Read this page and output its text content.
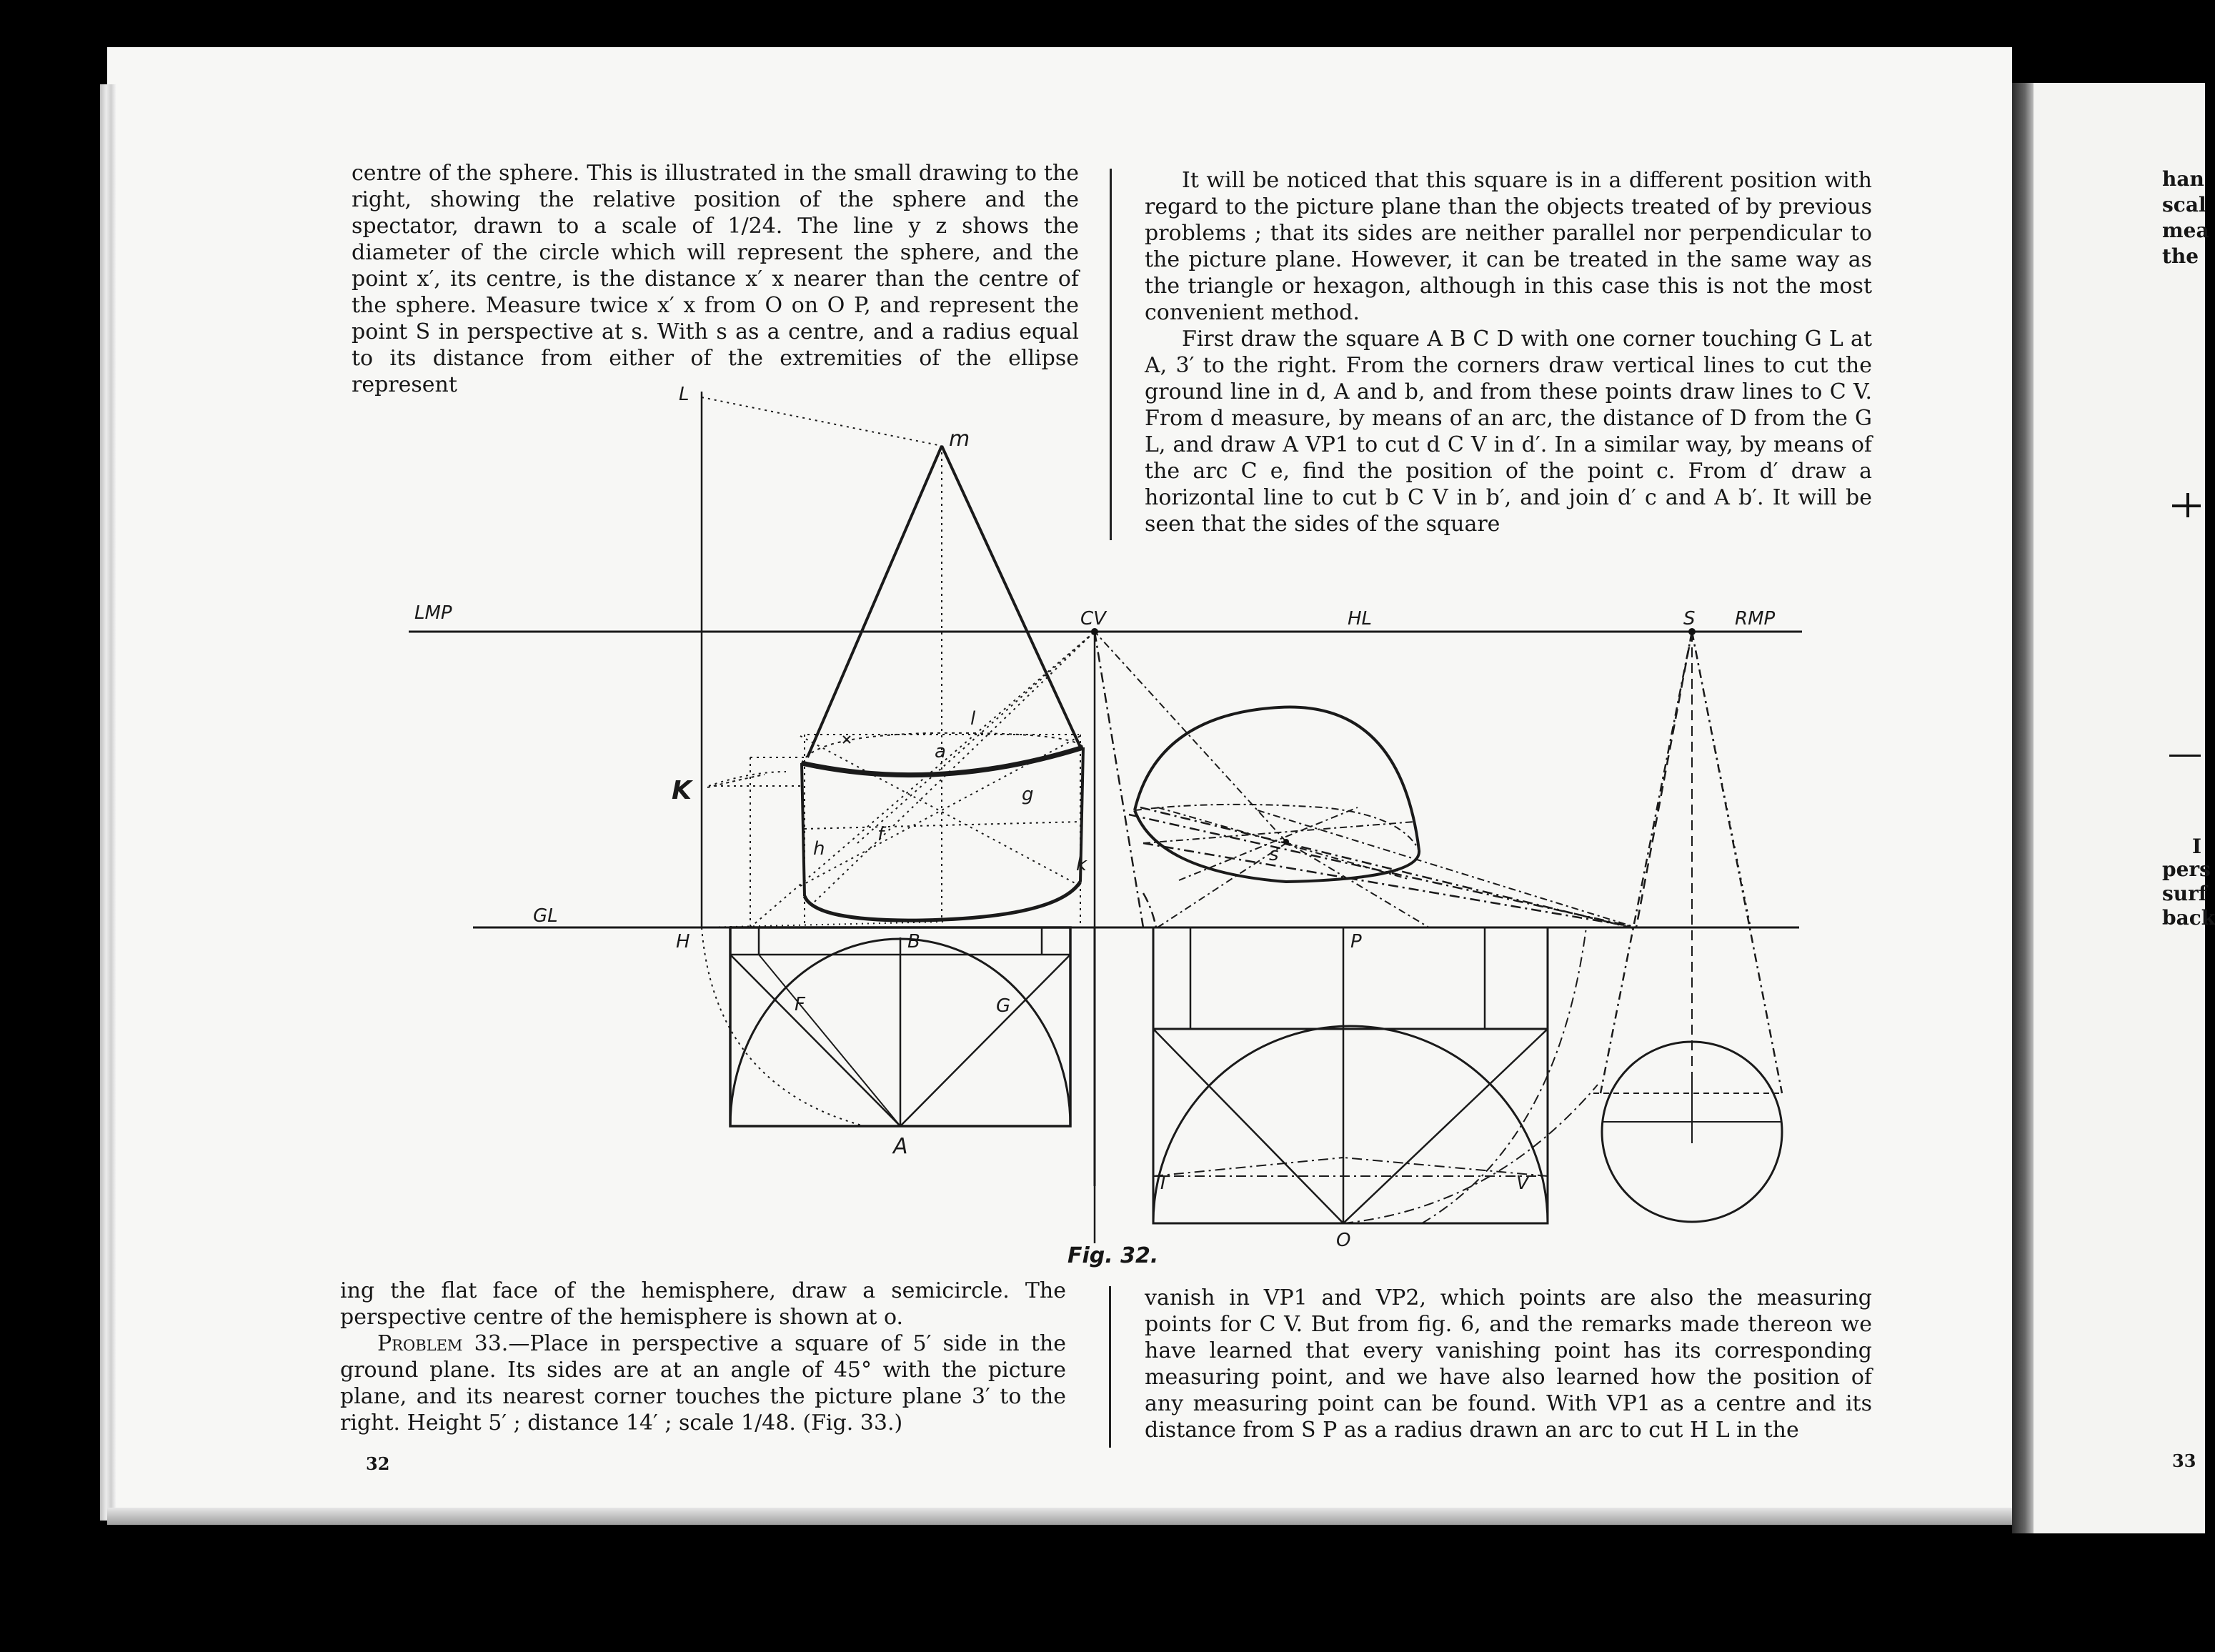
centre of the sphere. This is illustrated in the small drawing to the right, showing the relative position of the sphere and the spectator, drawn to a scale of 1/24. The line y z shows the diameter of the circle which will represent the sphere, and the point x′, its centre, is the distance x′ x nearer than the centre of the sphere. Measure twice x′ x from O on O P, and represent the point S in perspective at s. With s as a centre, and a radius equal to its distance from either of the extremities of the ellipse represent

It will be noticed that this square is in a different position with regard to the picture plane than the objects treated of by previous problems ; that its sides are neither parallel nor perpendicular to the picture plane. However, it can be treated in the same way as the triangle or hexagon, although in this case this is not the most convenient method.

First draw the square A B C D with one corner touching G L at A, 3′ to the right. From the corners draw vertical lines to cut the ground line in d, A and b, and from these points draw lines to C V. From d measure, by means of an arc, the distance of D from the G L, and draw A VP1 to cut d C V in d′. In a similar way, by means of the arc C e, find the position of the point c. From d′ draw a horizontal line to cut b C V in b′, and join d′ c and A b′. It will be seen that the sides of the square

L
m
LMP	CV	HL	S RMP
K
GL
H	B	P
F	G
A
O
T	V
s
a
l
f
g
h
k
Fig. 32.

ing the flat face of the hemisphere, draw a semicircle. The perspective centre of the hemisphere is shown at o.

Problem 33.—Place in perspective a square of 5′ side in the ground plane. Its sides are at an angle of 45° with the picture plane, and its nearest corner touches the picture plane 3′ to the right. Height 5′ ; distance 14′ ; scale 1/48. (Fig. 33.)

32

vanish in VP1 and VP2, which points are also the measuring points for C V. But from fig. 6, and the remarks made thereon we have learned that every vanishing point has its corresponding measuring point, and we have also learned how the position of any measuring point can be found. With VP1 as a centre and its distance from S P as a radius drawn an arc to cut H L in the

han
scal
mea
the
I
pers
surf
back
33
